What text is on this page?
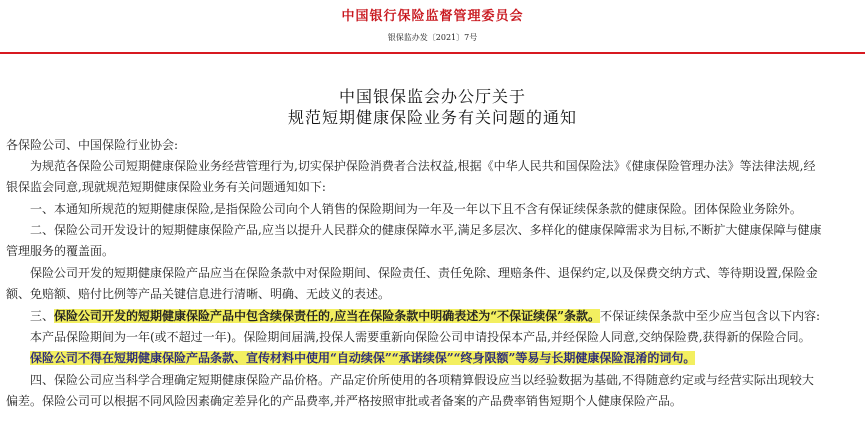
中国银行保险监督管理委员会
银保监办发〔2021〕7号
中国银保监会办公厅关于
规范短期健康保险业务有关问题的通知

各保险公司、中国保险行业协会:

为规范各保险公司短期健康保险业务经营管理行为,切实保护保险消费者合法权益,根据《中华人民共和国保险法》《健康保险管理办法》等法律法规,经

银保监会同意,现就规范短期健康保险业务有关问题通知如下:

一、本通知所规范的短期健康保险,是指保险公司向个人销售的保险期间为一年及一年以下且不含有保证续保条款的健康保险。团体保险业务除外。

二、保险公司开发设计的短期健康保险产品,应当以提升人民群众的健康保障水平,满足多层次、多样化的健康保障需求为目标,不断扩大健康保障与健康

管理服务的覆盖面。

保险公司开发的短期健康保险产品应当在保险条款中对保险期间、保险责任、责任免除、理赔条件、退保约定,以及保费交纳方式、等待期设置,保险金

额、免赔额、赔付比例等产品关键信息进行清晰、明确、无歧义的表述。

三、保险公司开发的短期健康保险产品中包含续保责任的,应当在保险条款中明确表述为“不保证续保”条款。不保证续保条款中至少应当包含以下内容:

本产品保险期间为一年(或不超过一年)。保险期间届满,投保人需要重新向保险公司申请投保本产品,并经保险人同意,交纳保险费,获得新的保险合同。

保险公司不得在短期健康保险产品条款、宣传材料中使用“自动续保”“承诺续保”“终身限额”等易与长期健康保险混淆的词句。

四、保险公司应当科学合理确定短期健康保险产品价格。产品定价所使用的各项精算假设应当以经验数据为基础,不得随意约定或与经营实际出现较大

偏差。保险公司可以根据不同风险因素确定差异化的产品费率,并严格按照审批或者备案的产品费率销售短期个人健康保险产品。
